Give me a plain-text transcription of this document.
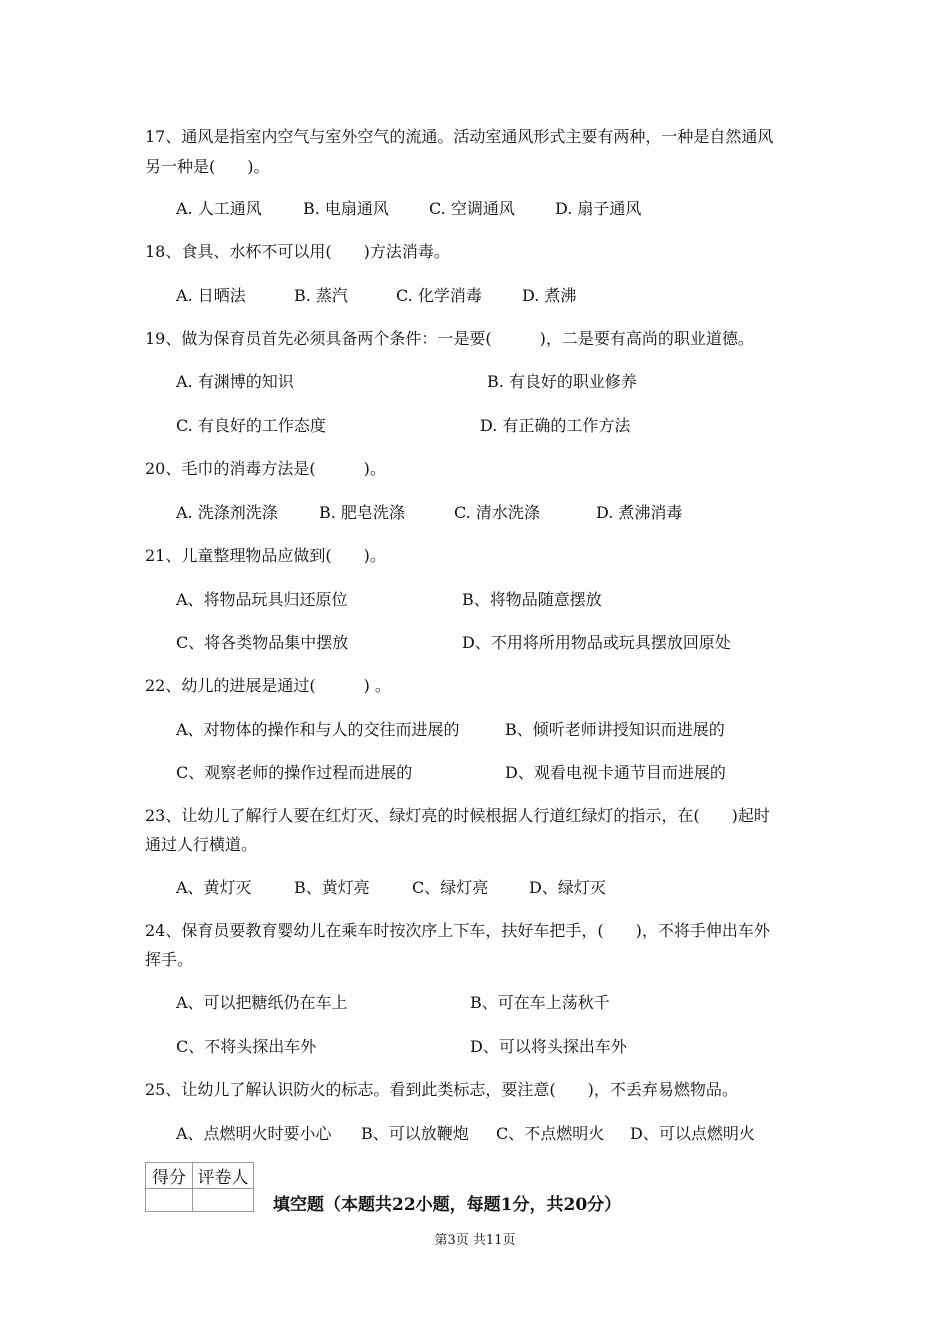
17、通风是指室内空气与室外空气的流通。活动室通风形式主要有两种，一种是自然通风
另一种是(　　)。
A. 人工通风	B. 电扇通风	C. 空调通风	D. 扇子通风
18、食具、水杯不可以用(　　)方法消毒。
A. 日晒法	B. 蒸汽	C. 化学消毒	D. 煮沸
19、做为保育员首先必须具备两个条件：一是要(　　　)，二是要有高尚的职业道德。
A. 有渊博的知识	B. 有良好的职业修养
C. 有良好的工作态度	D. 有正确的工作方法
20、毛巾的消毒方法是(　　　)。
A. 洗涤剂洗涤	B. 肥皂洗涤	C. 清水洗涤	D. 煮沸消毒
21、儿童整理物品应做到(　　)。
A、将物品玩具归还原位	B、将物品随意摆放
C、将各类物品集中摆放	D、不用将所用物品或玩具摆放回原处
22、幼儿的进展是通过(　　　) 。
A、对物体的操作和与人的交往而进展的	B、倾听老师讲授知识而进展的
C、观察老师的操作过程而进展的	D、观看电视卡通节目而进展的
23、让幼儿了解行人要在红灯灭、绿灯亮的时候根据人行道红绿灯的指示，在(　　)起时
通过人行横道。
A、黄灯灭	B、黄灯亮	C、绿灯亮	D、绿灯灭
24、保育员要教育婴幼儿在乘车时按次序上下车，扶好车把手，(　　)，不将手伸出车外
挥手。
A、可以把糖纸仍在车上	B、可在车上荡秋千
C、不将头探出车外	D、可以将头探出车外
25、让幼儿了解认识防火的标志。看到此类标志，要注意(　　)，不丢弃易燃物品。
A、点燃明火时要小心 B、可以放鞭炮 C、不点燃明火 D、可以点燃明火
得分	评卷人

填空题（本题共22小题，每题1分，共20分）
第3页 共11页
